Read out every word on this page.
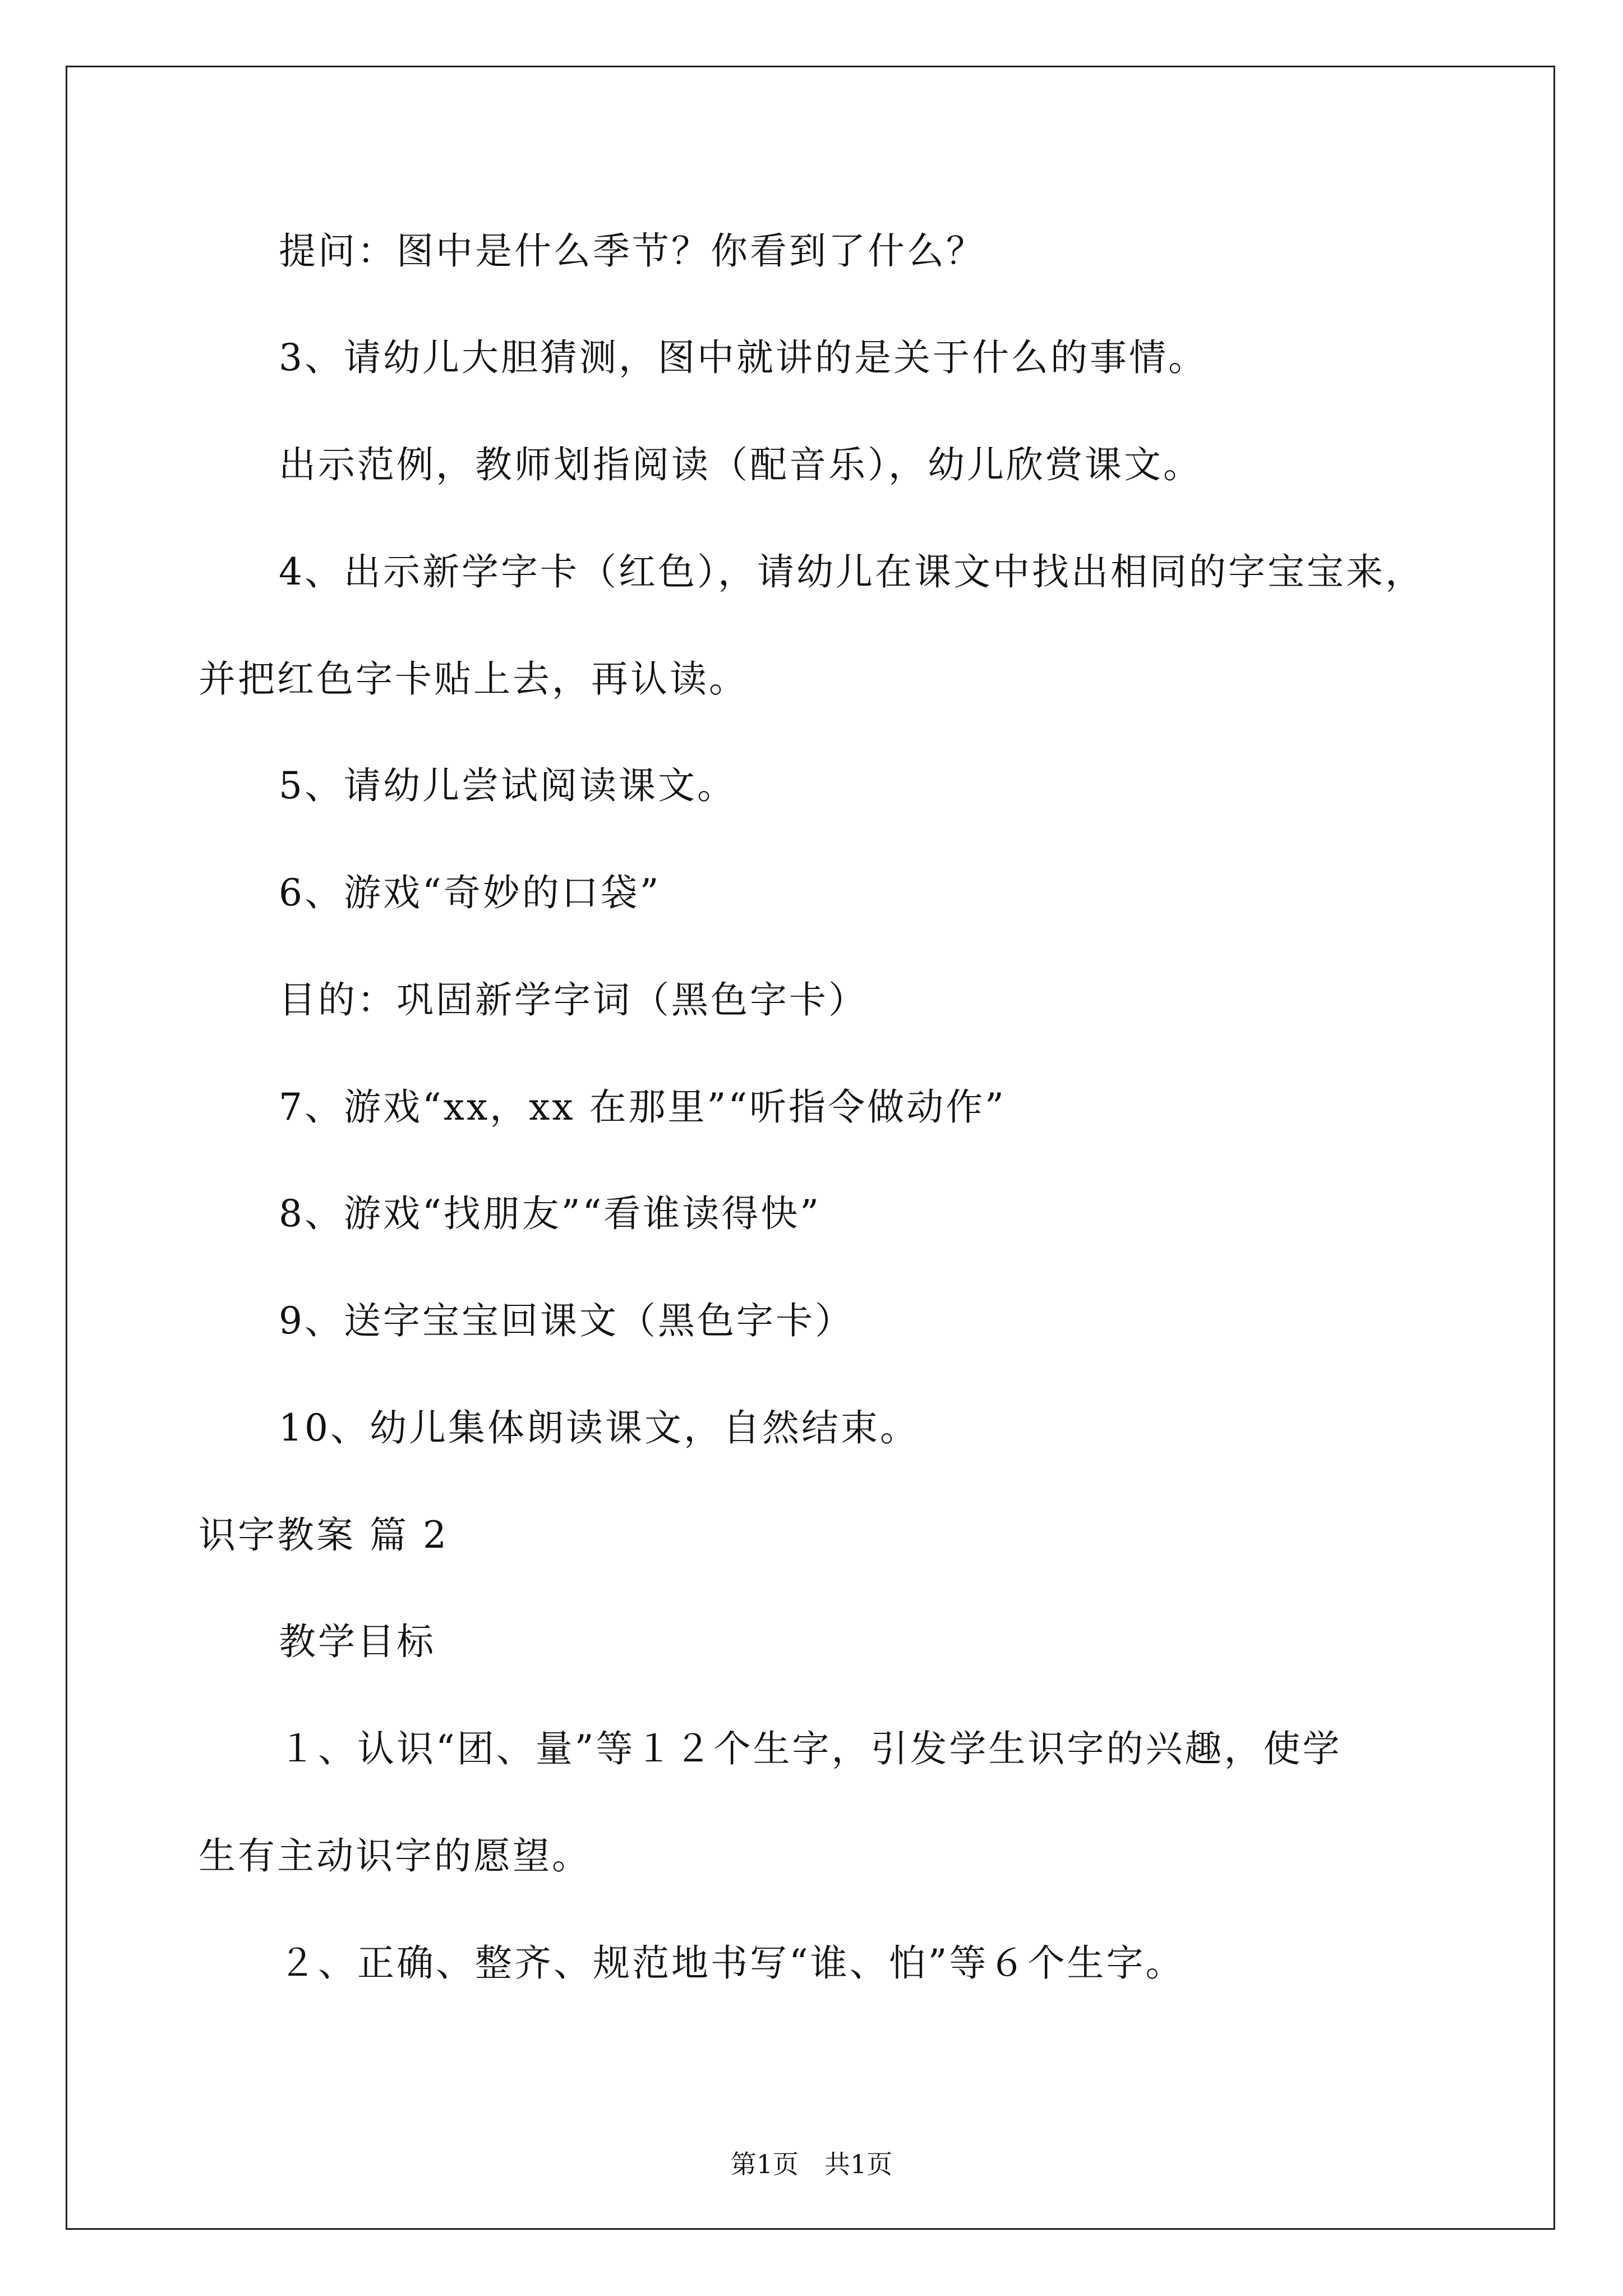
提问：图中是什么季节？你看到了什么？
3、请幼儿大胆猜测，图中就讲的是关于什么的事情。
出示范例，教师划指阅读（配音乐），幼儿欣赏课文。
4、出示新学字卡（红色），请幼儿在课文中找出相同的字宝宝来，
并把红色字卡贴上去，再认读。
5、请幼儿尝试阅读课文。
6、游戏“奇妙的口袋”
目的：巩固新学字词（黑色字卡）
7、游戏“xx，xx 在那里”“听指令做动作”
8、游戏“找朋友”“看谁读得快”
9、送字宝宝回课文（黑色字卡）
10、幼儿集体朗读课文，自然结束。
识字教案 篇 2
教学目标
１、认识“团、量”等１２个生字，引发学生识字的兴趣，使学
生有主动识字的愿望。
２、正确、整齐、规范地书写“谁、怕”等６个生字。
第1页　共1页
